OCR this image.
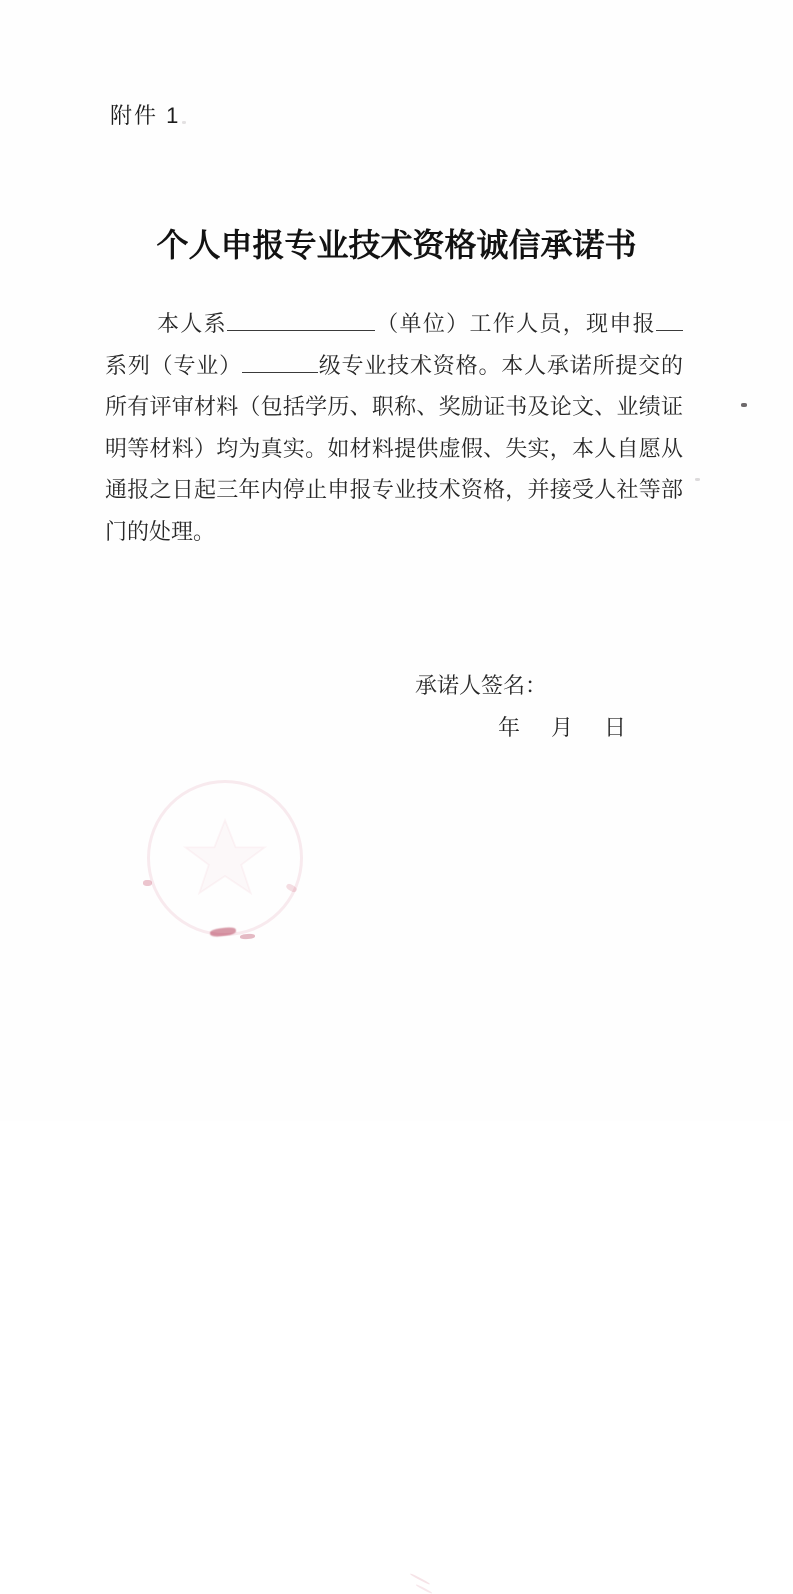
附件 1
个人申报专业技术资格诚信承诺书
本人系	（单位）工作人员，现申报
系列（专业）	级专业技术资格。本人承诺所提交的
所有评审材料（包括学历、职称、奖励证书及论文、业绩证
明等材料）均为真实。如材料提供虚假、失实，本人自愿从
通报之日起三年内停止申报专业技术资格，并接受人社等部
门的处理。
承诺人签名：
年 月 日
